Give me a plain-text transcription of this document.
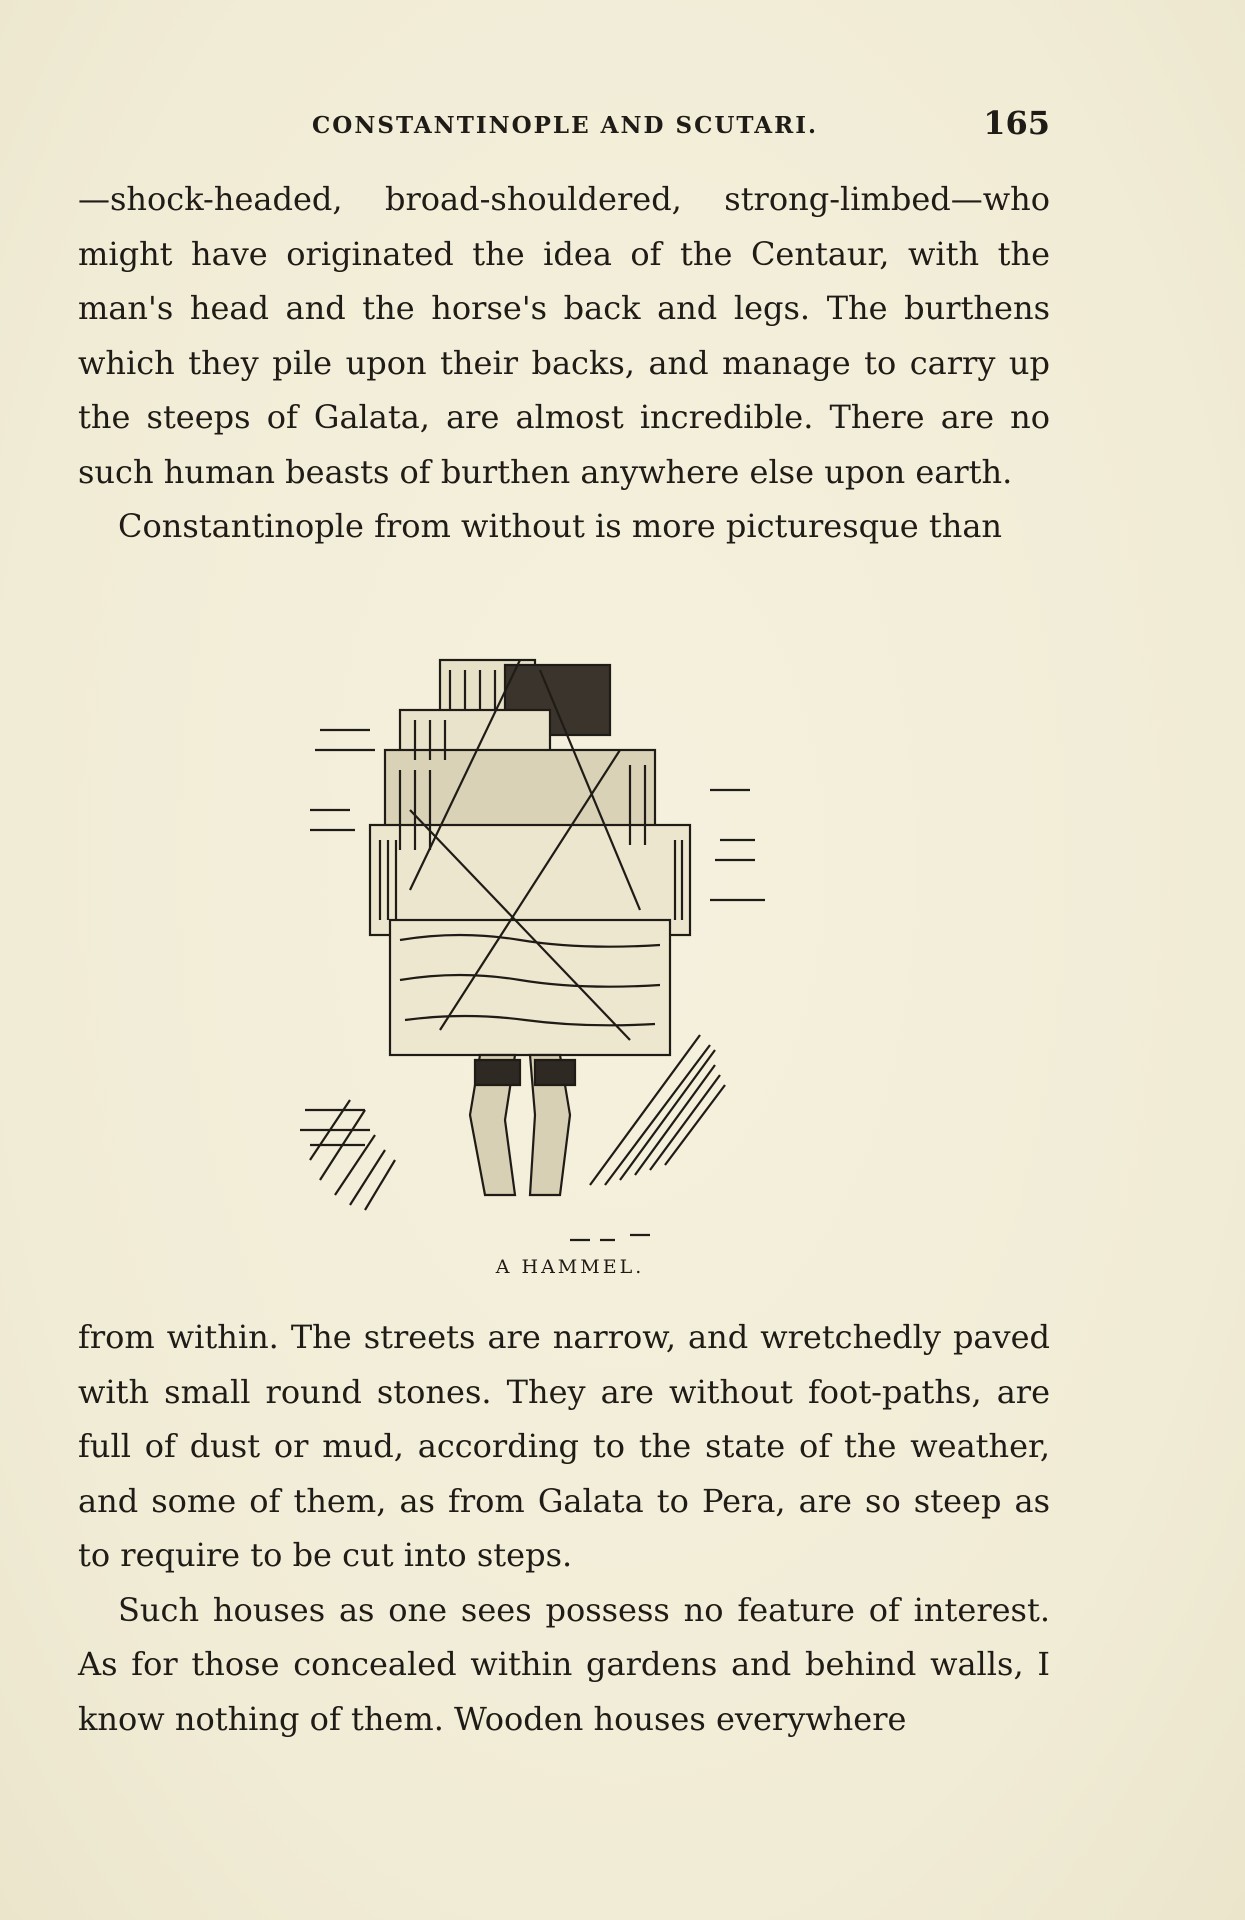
CONSTANTINOPLE AND SCUTARI.	165

—shock-headed, broad-shouldered, strong-limbed—who might have originated the idea of the Centaur, with the man's head and the horse's back and legs. The burthens which they pile upon their backs, and manage to carry up the steeps of Galata, are almost incredible. There are no such human beasts of burthen anywhere else upon earth.

Constantinople from without is more picturesque than

A HAMMEL.

from within. The streets are narrow, and wretchedly paved with small round stones. They are without foot-paths, are full of dust or mud, according to the state of the weather, and some of them, as from Galata to Pera, are so steep as to require to be cut into steps.

Such houses as one sees possess no feature of interest. As for those concealed within gardens and behind walls, I know nothing of them. Wooden houses everywhere
